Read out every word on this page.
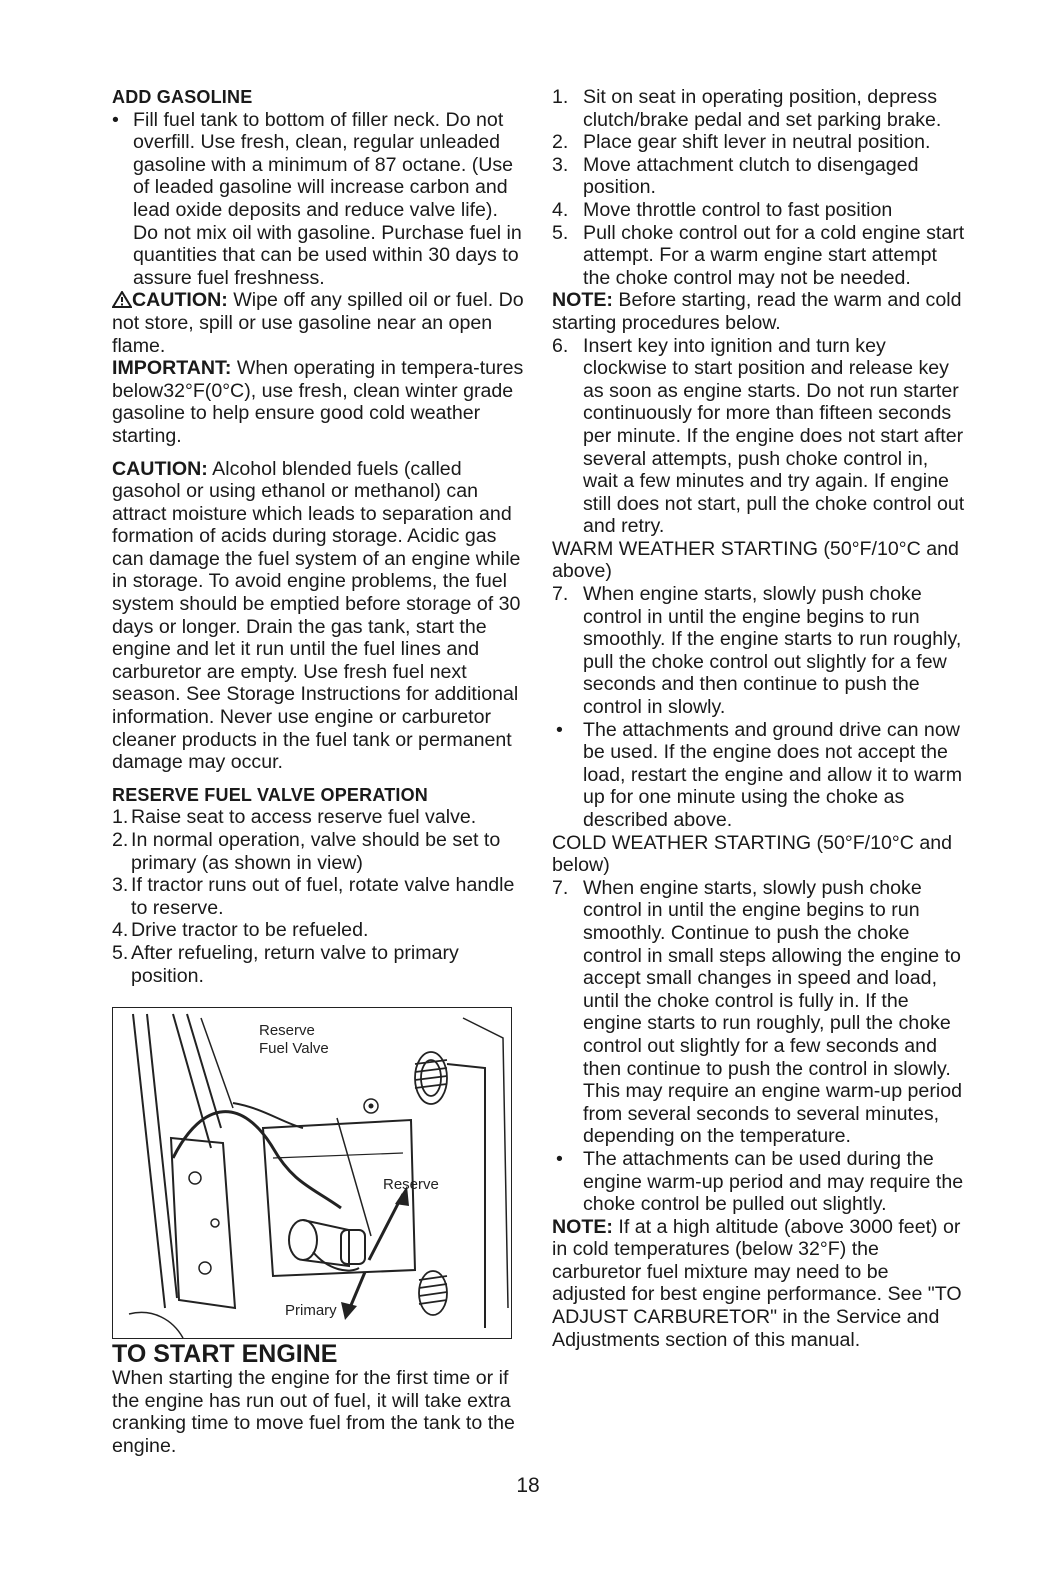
ADD GASOLINE

• Fill fuel tank to bottom of filler neck. Do not overfill. Use fresh, clean, regular unleaded gasoline with a minimum of 87 octane. (Use of leaded gasoline will increase carbon and lead oxide deposits and reduce valve life). Do not mix oil with gasoline. Purchase fuel in quantities that can be used within 30 days to assure fuel freshness.

CAUTION: Wipe off any spilled oil or fuel. Do not store, spill or use gasoline near an open flame.

IMPORTANT: When operating in tempera-tures below32°F(0°C), use fresh, clean winter grade gasoline to help ensure good cold weather starting.

CAUTION: Alcohol blended fuels (called gasohol or using ethanol or methanol) can attract moisture which leads to separation and formation of acids during storage. Acidic gas can damage the fuel system of an engine while in storage. To avoid engine problems, the fuel system should be emptied before storage of 30 days or longer. Drain the gas tank, start the engine and let it run until the fuel lines and carburetor are empty. Use fresh fuel next season. See Storage Instructions for additional information. Never use engine or carburetor cleaner products in the fuel tank or permanent damage may occur.

RESERVE FUEL VALVE OPERATION

1. Raise seat to access reserve fuel valve.
2. In normal operation, valve should be set to primary (as shown in view)
3. If tractor runs out of fuel, rotate valve handle to reserve.
4. Drive tractor to be refueled.
5. After refueling, return valve to primary position.
Reserve
Fuel Valve
Reserve
Primary

TO START ENGINE

When starting the engine for the first time or if the engine has run out of fuel, it will take extra cranking time to move fuel from the tank to the engine.

1. Sit on seat in operating position, depress clutch/brake pedal and set parking brake.
2. Place gear shift lever in neutral position.
3. Move attachment clutch to disengaged position.
4. Move throttle control to fast position
5. Pull choke control out for a cold engine start attempt. For a warm engine start attempt the choke control may not be needed.

NOTE: Before starting, read the warm and cold starting procedures below.

6. Insert key into ignition and turn key clockwise to start position and release key as soon as engine starts. Do not run starter continuously for more than fifteen seconds per minute. If the engine does not start after several attempts, push choke control in, wait a few minutes and try again. If engine still does not start, pull the choke control out and retry.

WARM WEATHER STARTING (50°F/10°C and above)

7. When engine starts, slowly push choke control in until the engine begins to run smoothly. If the engine starts to run roughly, pull the choke control out slightly for a few seconds and then continue to push the control in slowly.
•	The attachments and ground drive can now be used. If the engine does not accept the load, restart the engine and allow it to warm up for one minute using the choke as described above.

COLD WEATHER STARTING (50°F/10°C and below)

7. When engine starts, slowly push choke control in until the engine begins to run smoothly. Continue to push the choke control in small steps allowing the engine to accept small changes in speed and load, until the choke control is fully in. If the engine starts to run roughly, pull the choke control out slightly for a few seconds and then continue to push the control in slowly. This may require an engine warm-up period from several seconds to several minutes, depending on the temperature.
•	The attachments can be used during the engine warm-up period and may require the choke control be pulled out slightly.

NOTE: If at a high altitude (above 3000 feet) or in cold temperatures (below 32°F) the carburetor fuel mixture may need to be adjusted for best engine performance. See "TO ADJUST CARBURETOR" in the Service and Adjustments section of this manual.

18
